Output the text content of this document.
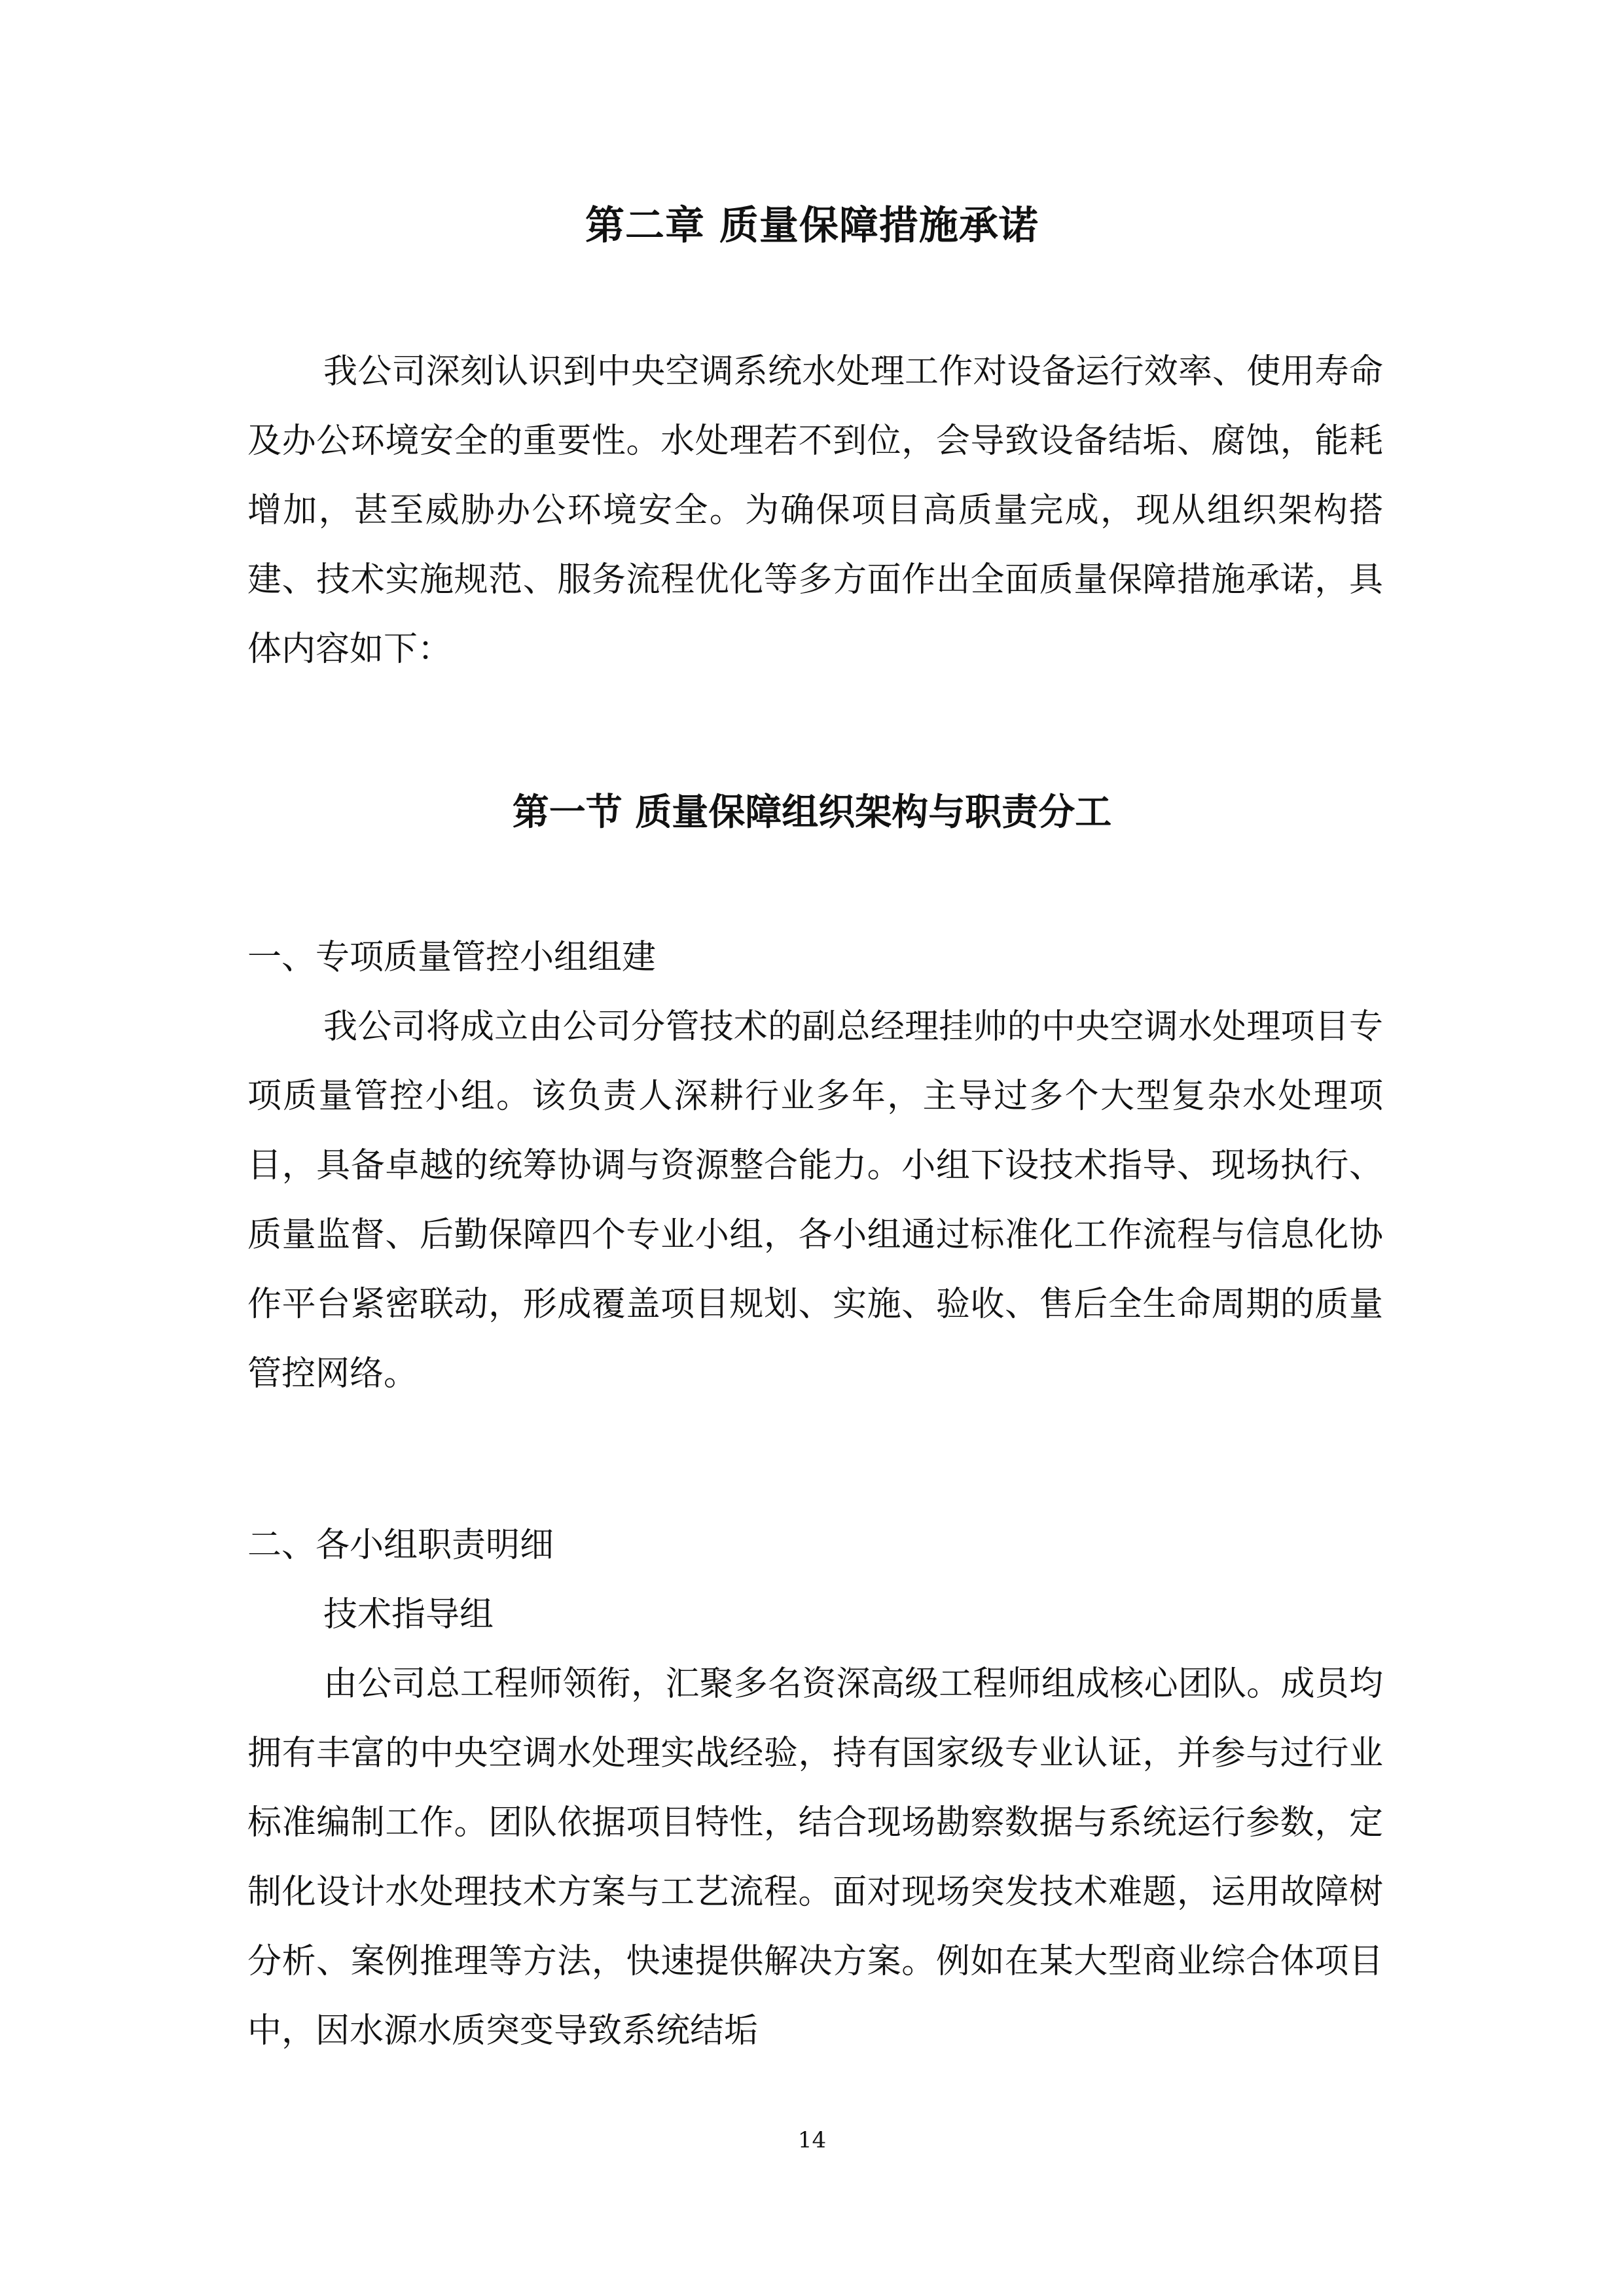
第二章 质量保障措施承诺

我公司深刻认识到中央空调系统水处理工作对设备运行效率、使用寿命及办公环境安全的重要性。水处理若不到位，会导致设备结垢、腐蚀，能耗增加，甚至威胁办公环境安全。为确保项目高质量完成，现从组织架构搭建、技术实施规范、服务流程优化等多方面作出全面质量保障措施承诺，具体内容如下：

第一节 质量保障组织架构与职责分工

一、专项质量管控小组组建

我公司将成立由公司分管技术的副总经理挂帅的中央空调水处理项目专项质量管控小组。该负责人深耕行业多年，主导过多个大型复杂水处理项目，具备卓越的统筹协调与资源整合能力。小组下设技术指导、现场执行、质量监督、后勤保障四个专业小组，各小组通过标准化工作流程与信息化协作平台紧密联动，形成覆盖项目规划、实施、验收、售后全生命周期的质量管控网络。

二、各小组职责明细

技术指导组

由公司总工程师领衔，汇聚多名资深高级工程师组成核心团队。成员均拥有丰富的中央空调水处理实战经验，持有国家级专业认证，并参与过行业标准编制工作。团队依据项目特性，结合现场勘察数据与系统运行参数，定制化设计水处理技术方案与工艺流程。面对现场突发技术难题，运用故障树分析、案例推理等方法，快速提供解决方案。例如在某大型商业综合体项目中，因水源水质突变导致系统结垢

14
